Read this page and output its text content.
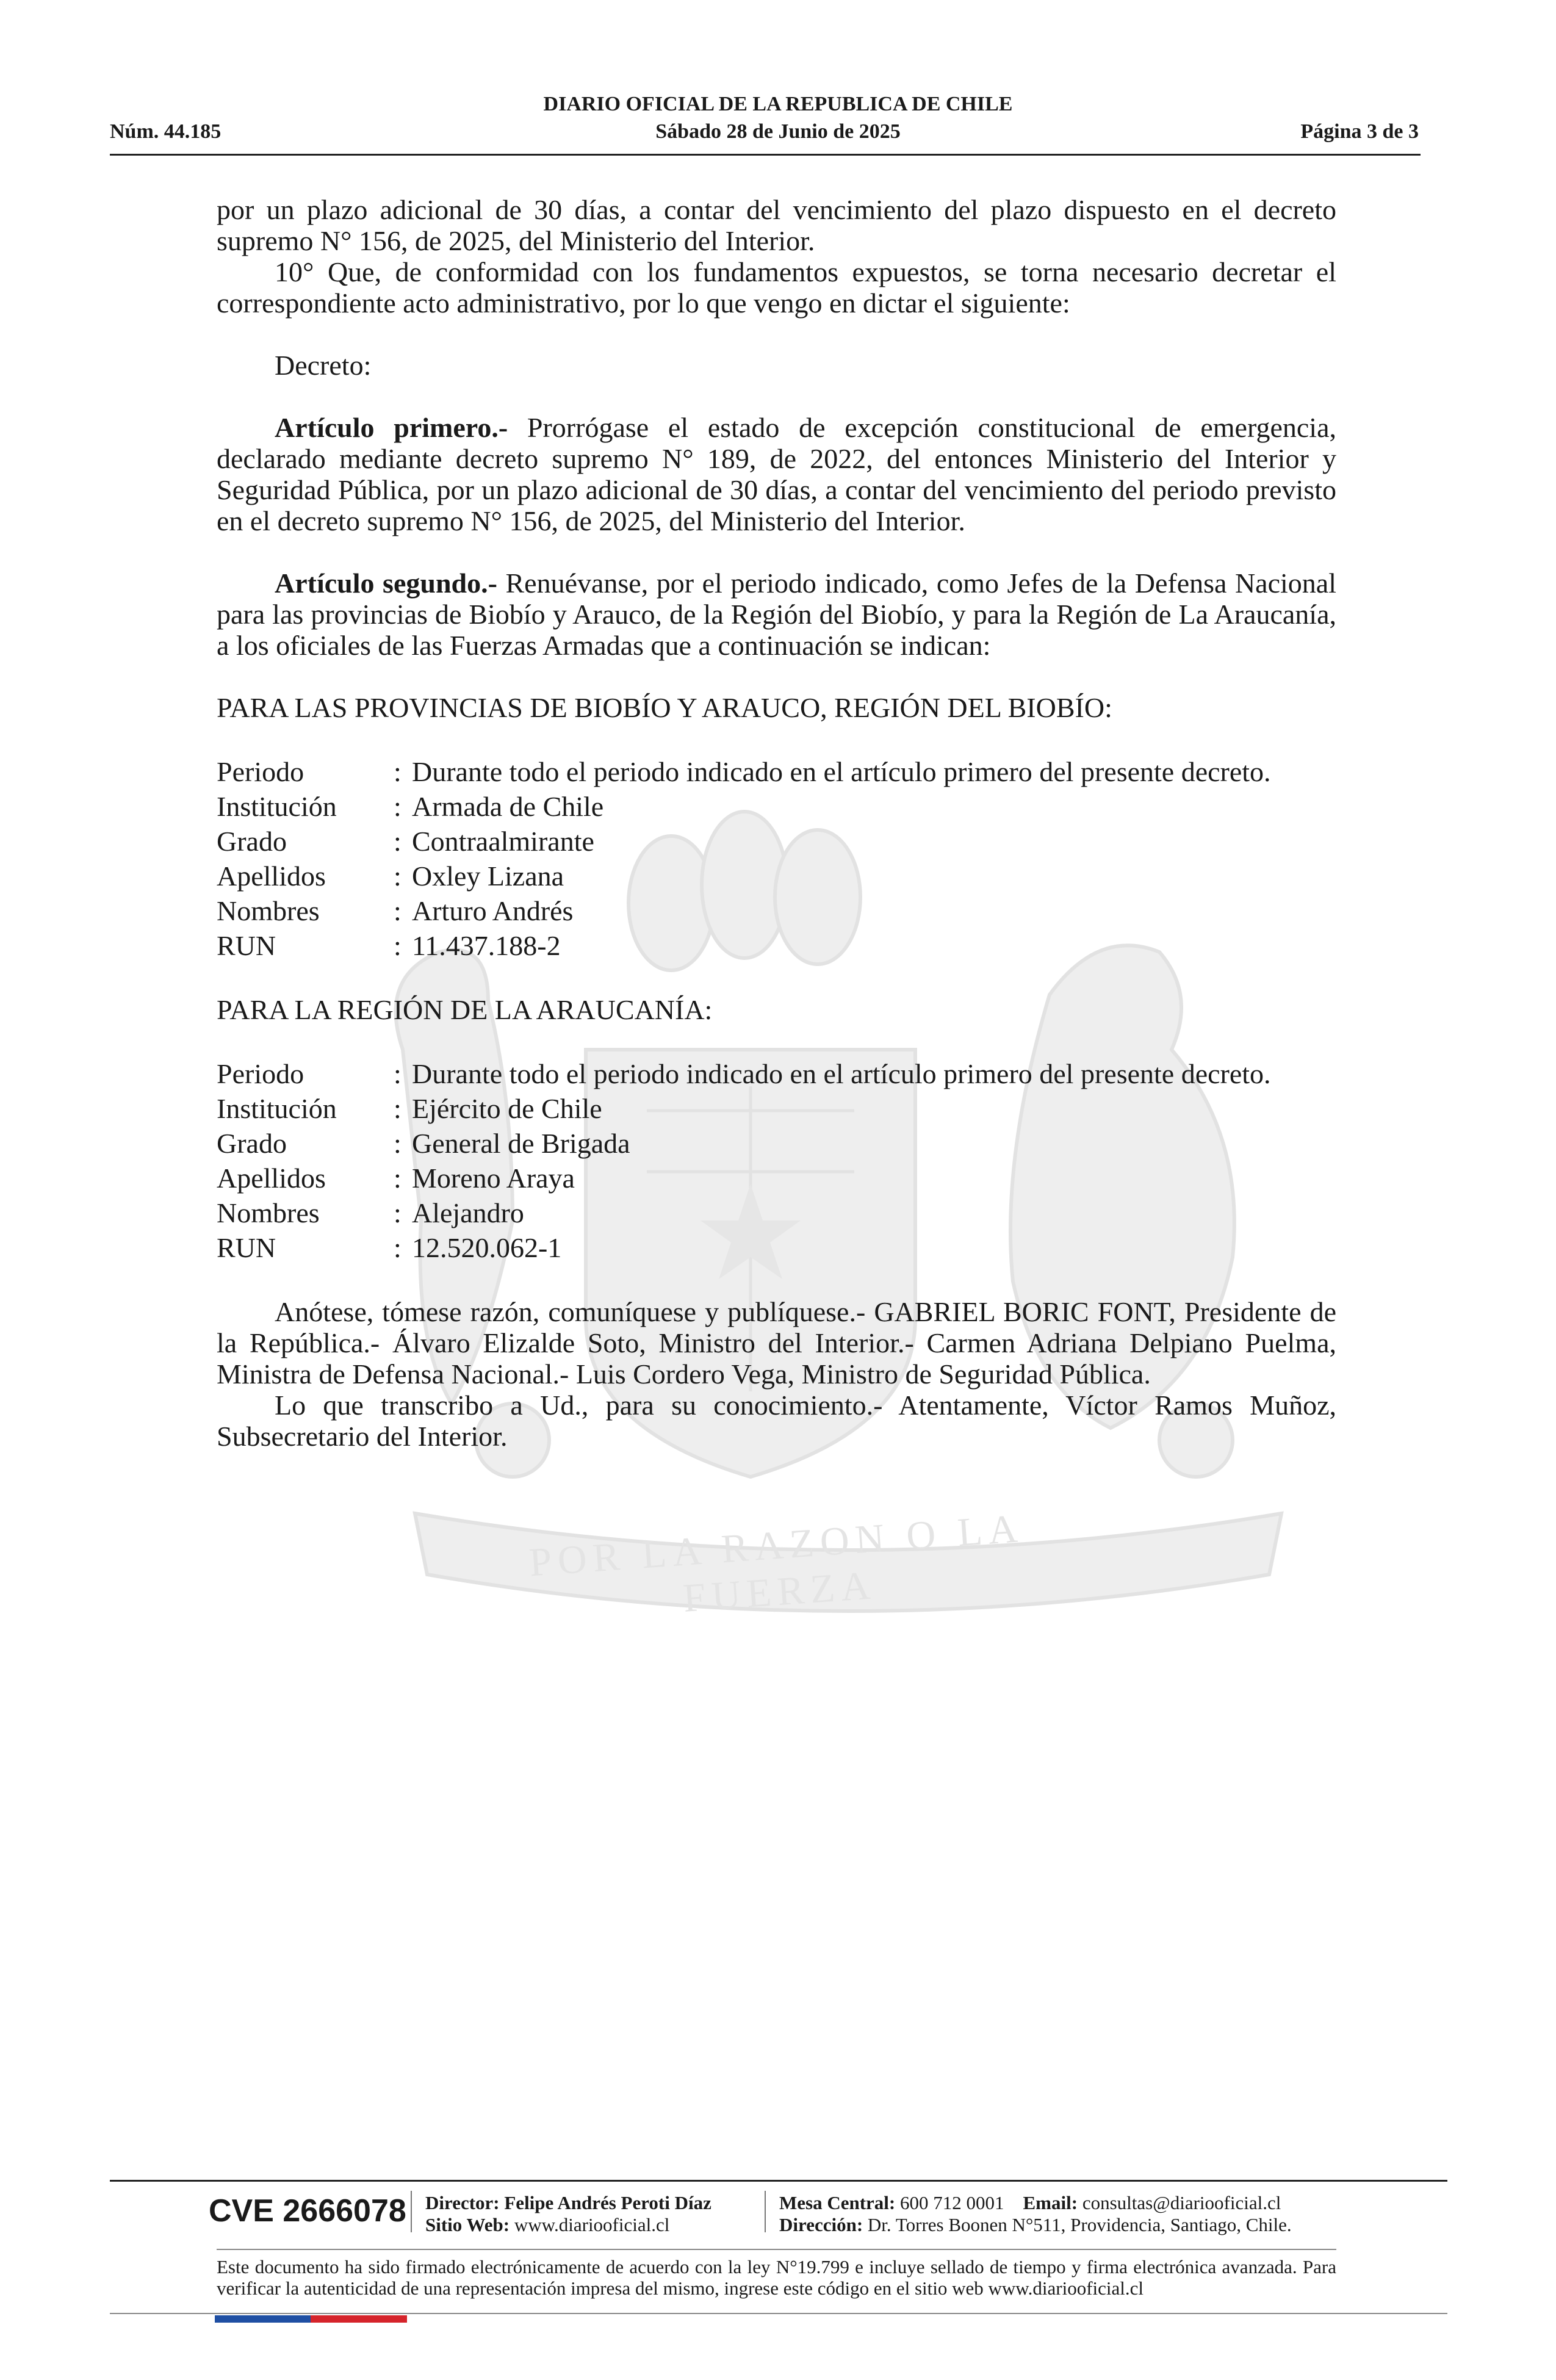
DIARIO OFICIAL DE LA REPUBLICA DE CHILE
Núm. 44.185	Sábado 28 de Junio de 2025	Página 3 de 3
POR LA RAZON O LA FUERZA

por un plazo adicional de 30 días, a contar del vencimiento del plazo dispuesto en el decreto supremo N° 156, de 2025, del Ministerio del Interior.

10° Que, de conformidad con los fundamentos expuestos, se torna necesario decretar el correspondiente acto administrativo, por lo que vengo en dictar el siguiente:

Decreto:

Artículo primero.- Prorrógase el estado de excepción constitucional de emergencia, declarado mediante decreto supremo N° 189, de 2022, del entonces Ministerio del Interior y Seguridad Pública, por un plazo adicional de 30 días, a contar del vencimiento del periodo previsto en el decreto supremo N° 156, de 2025, del Ministerio del Interior.

Artículo segundo.- Renuévanse, por el periodo indicado, como Jefes de la Defensa Nacional para las provincias de Biobío y Arauco, de la Región del Biobío, y para la Región de La Araucanía, a los oficiales de las Fuerzas Armadas que a continuación se indican:

PARA LAS PROVINCIAS DE BIOBÍO Y ARAUCO, REGIÓN DEL BIOBÍO:

Periodo	:	Durante todo el periodo indicado en el artículo primero del presente decreto.
Institución	:	Armada de Chile
Grado	:	Contraalmirante
Apellidos	:	Oxley Lizana
Nombres	:	Arturo Andrés
RUN	:	11.437.188-2

PARA LA REGIÓN DE LA ARAUCANÍA:

Periodo	:	Durante todo el periodo indicado en el artículo primero del presente decreto.
Institución	:	Ejército de Chile
Grado	:	General de Brigada
Apellidos	:	Moreno Araya
Nombres	:	Alejandro
RUN	:	12.520.062-1

Anótese, tómese razón, comuníquese y publíquese.- GABRIEL BORIC FONT, Presidente de la República.- Álvaro Elizalde Soto, Ministro del Interior.- Carmen Adriana Delpiano Puelma, Ministra de Defensa Nacional.- Luis Cordero Vega, Ministro de Seguridad Pública.

Lo que transcribo a Ud., para su conocimiento.- Atentamente, Víctor Ramos Muñoz, Subsecretario del Interior.

CVE 2666078 Director: Felipe Andrés Peroti Díaz
Sitio Web: www.diariooficial.cl
Mesa Central: 600 712 0001 Email: consultas@diariooficial.cl
Dirección: Dr. Torres Boonen N°511, Providencia, Santiago, Chile.
Este documento ha sido firmado electrónicamente de acuerdo con la ley N°19.799 e incluye sellado de tiempo y firma electrónica avanzada. Para verificar la autenticidad de una representación impresa del mismo, ingrese este código en el sitio web www.diariooficial.cl
